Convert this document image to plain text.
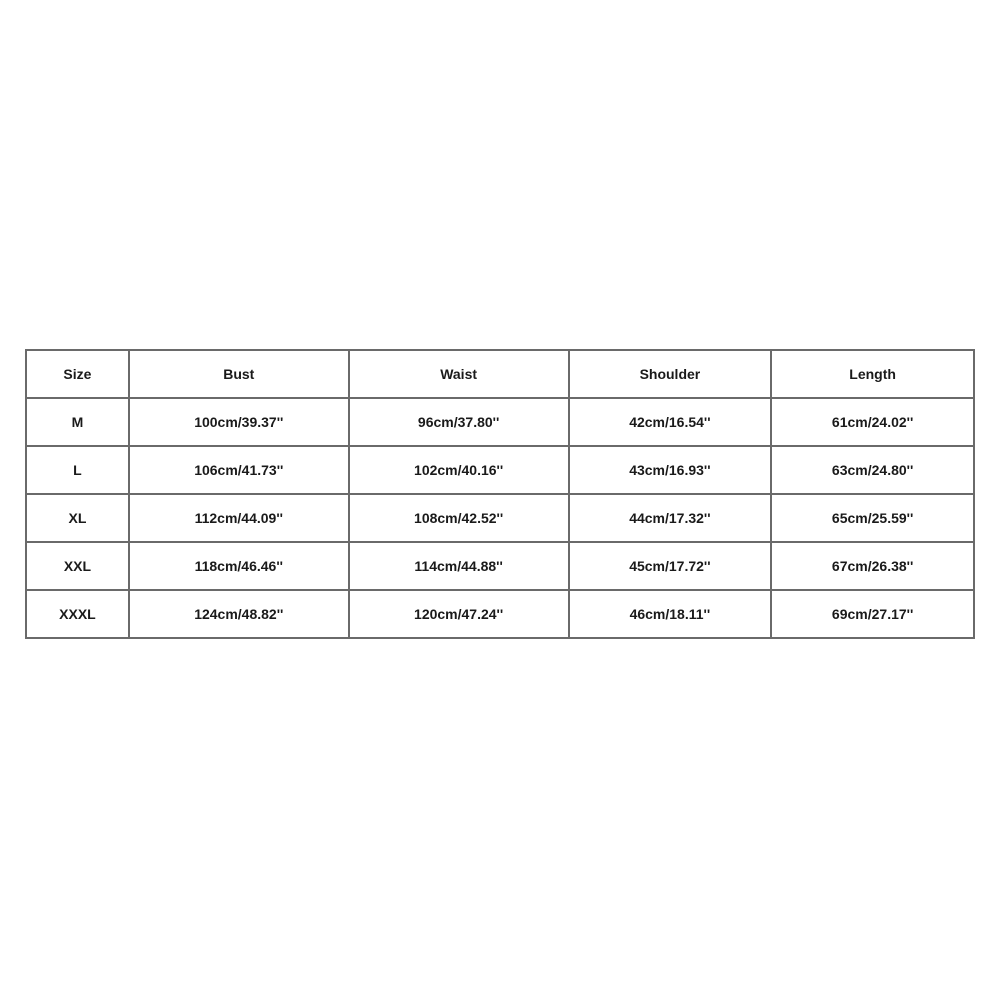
Size	Bust	Waist	Shoulder	Length
M	100cm/39.37''	96cm/37.80''	42cm/16.54''	61cm/24.02''
L	106cm/41.73''	102cm/40.16''	43cm/16.93''	63cm/24.80''
XL	112cm/44.09''	108cm/42.52''	44cm/17.32''	65cm/25.59''
XXL	118cm/46.46''	114cm/44.88''	45cm/17.72''	67cm/26.38''
XXXL	124cm/48.82''	120cm/47.24''	46cm/18.11''	69cm/27.17''
